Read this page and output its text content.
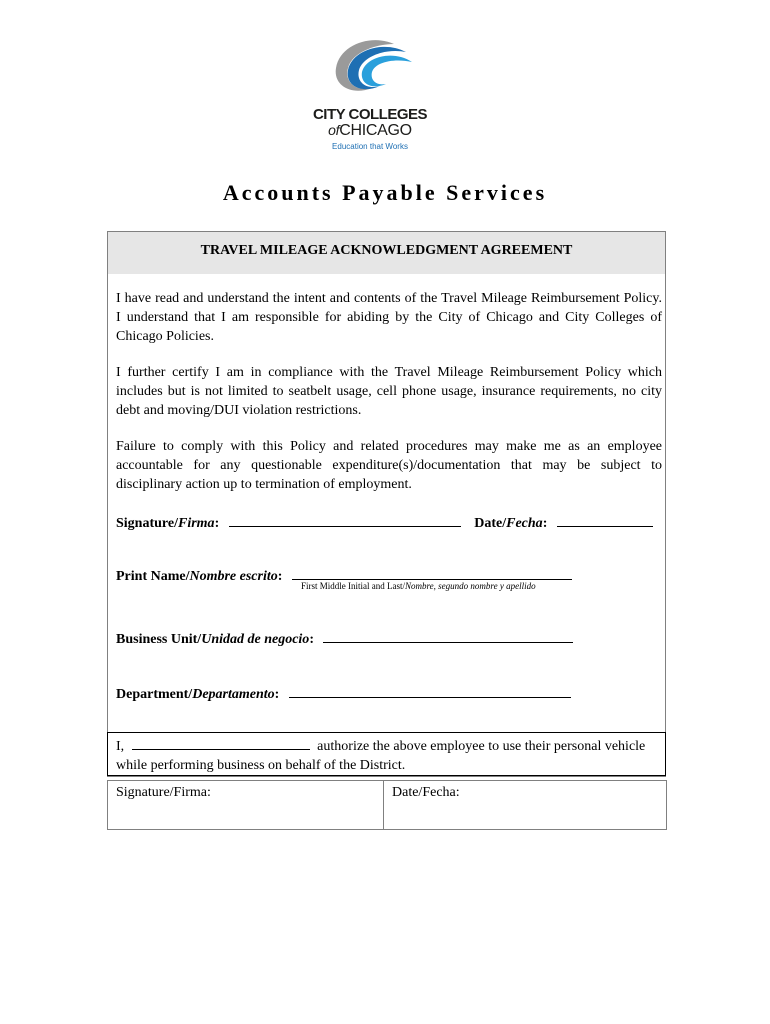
CITY COLLEGES
ofCHICAGO
Education that Works
Accounts Payable Services
TRAVEL MILEAGE ACKNOWLEDGMENT AGREEMENT
I have read and understand the intent and contents of the Travel Mileage Reimbursement Policy. I understand that I am responsible for abiding by the City of Chicago and City Colleges of Chicago Policies.
I further certify I am in compliance with the Travel Mileage Reimbursement Policy which includes but is not limited to seatbelt usage, cell phone usage, insurance requirements, no city debt and moving/DUI violation restrictions.
Failure to comply with this Policy and related procedures may make me as an employee accountable for any questionable expenditure(s)/documentation that may be subject to disciplinary action up to termination of employment.
Signature/Firma:	Date/Fecha:
Print Name/Nombre escrito:
First Middle Initial and Last/Nombre, segundo nombre y apellido
Business Unit/Unidad de negocio:
Department/Departamento:
I,	authorize the above employee to use their personal vehicle while performing business on behalf of the District.
Signature/Firma:	Date/Fecha:
